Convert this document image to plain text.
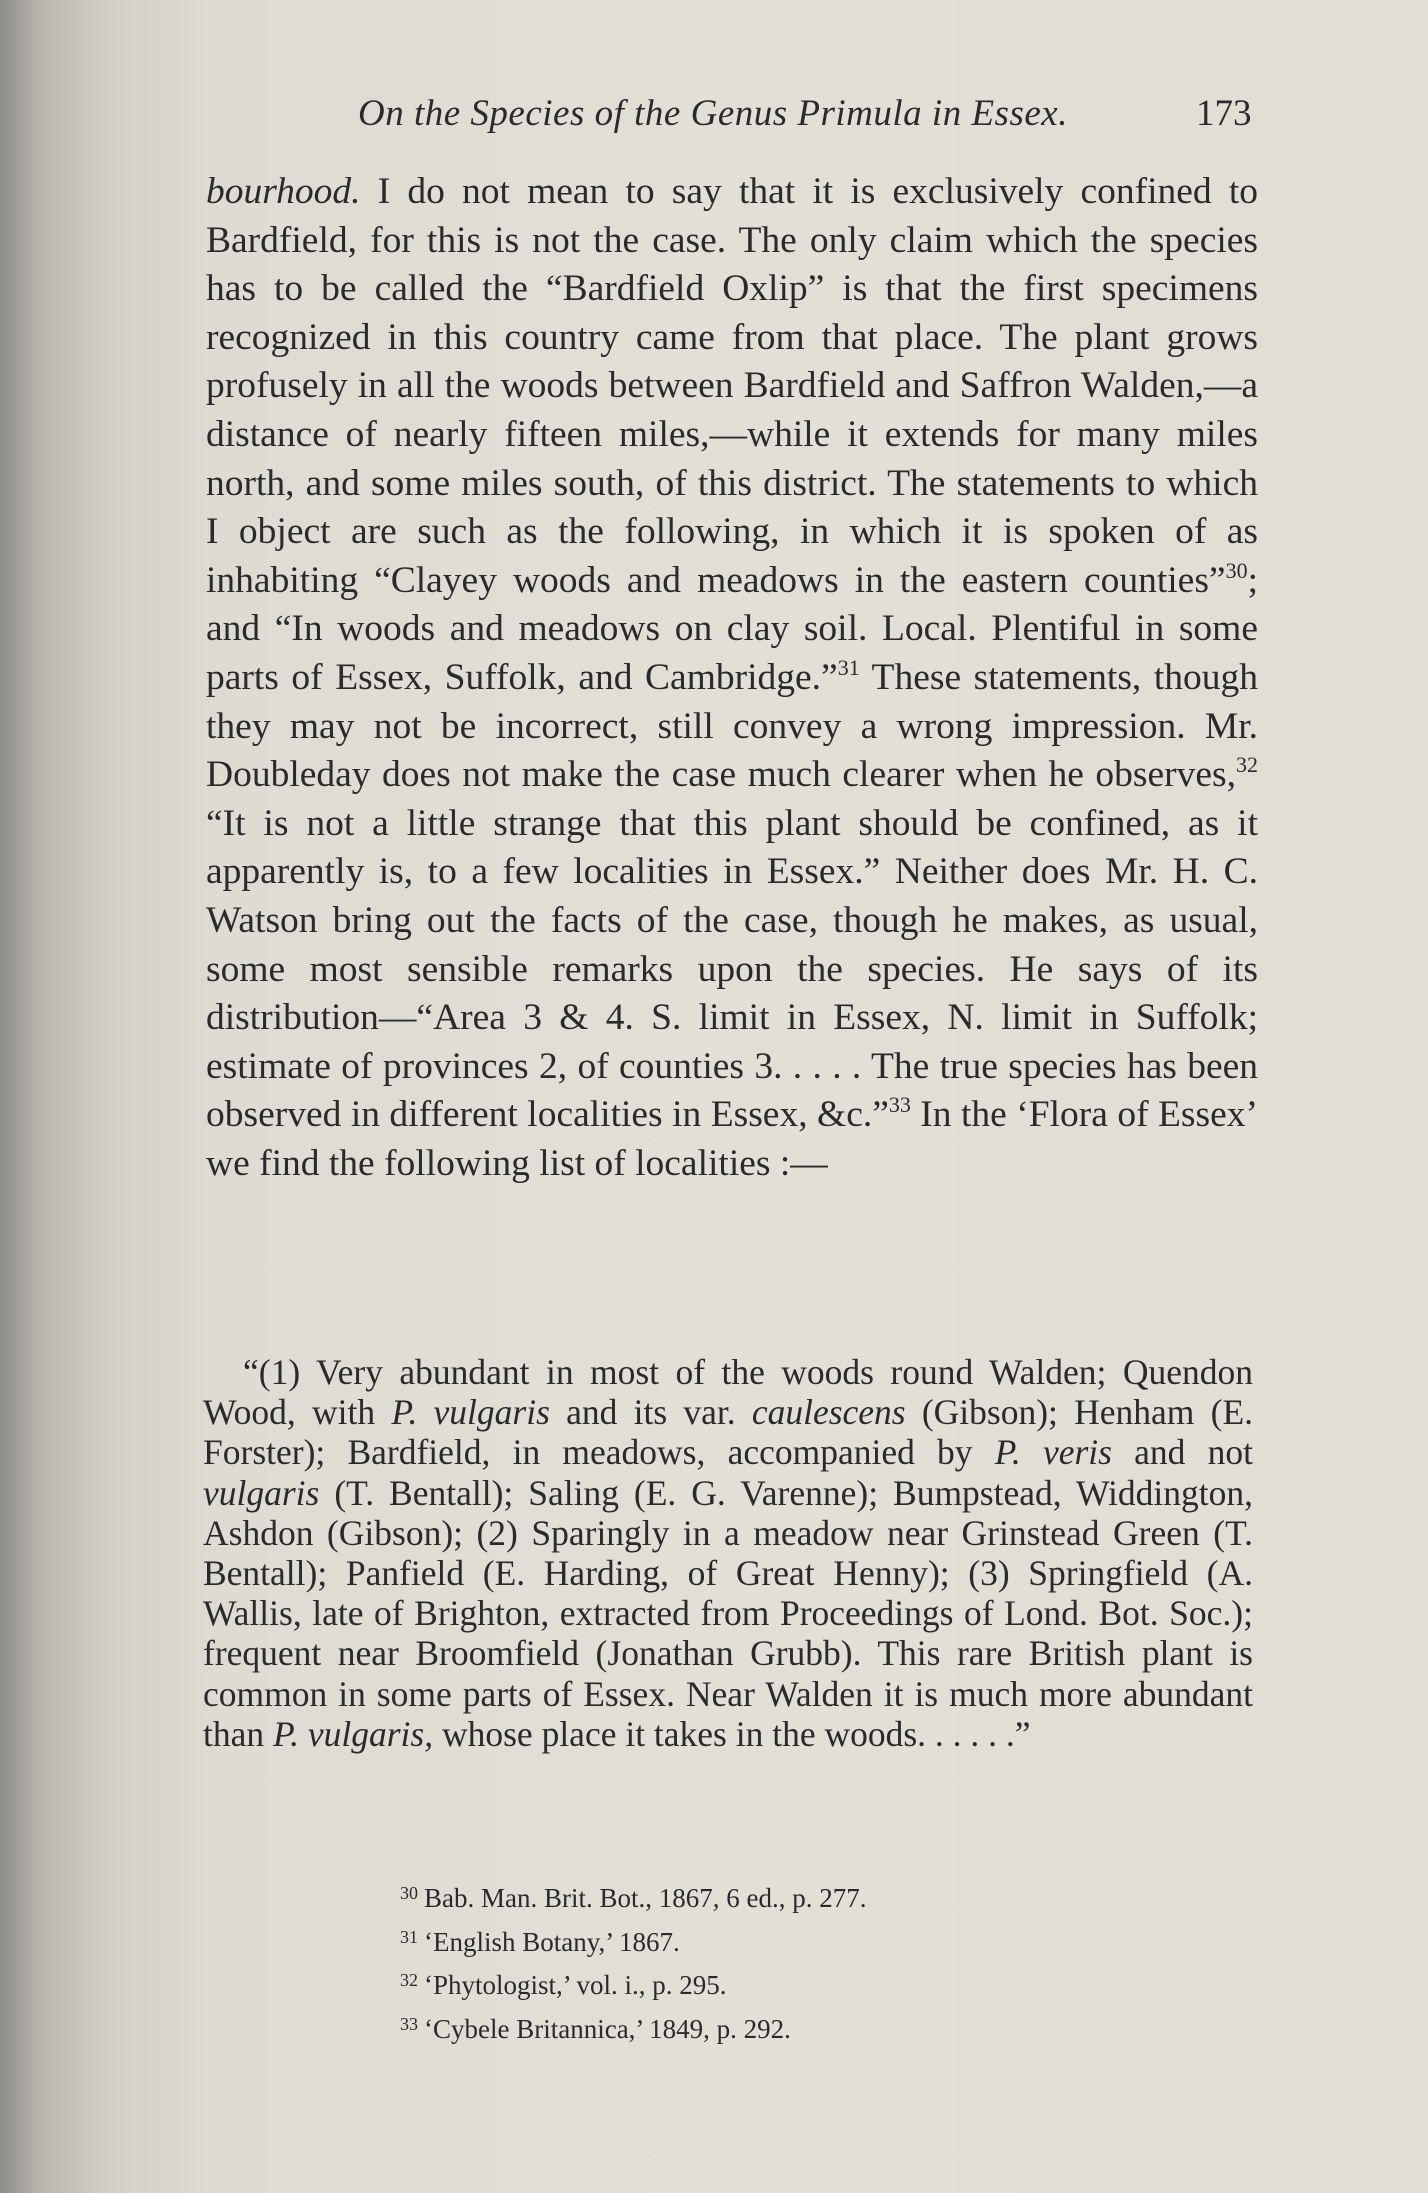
On the Species of the Genus Primula in Essex.	173

bourhood. I do not mean to say that it is exclusively confined to Bardfield, for this is not the case. The only claim which the species has to be called the “Bardfield Oxlip” is that the first specimens recognized in this country came from that place. The plant grows profusely in all the woods between Bardfield and Saffron Walden,—a distance of nearly fifteen miles,—while it extends for many miles north, and some miles south, of this district. The statements to which I object are such as the following, in which it is spoken of as inhabiting “Clayey woods and meadows in the eastern counties”$^{30}$; and “In woods and meadows on clay soil. Local. Plentiful in some parts of Essex, Suffolk, and Cambridge.”$^{31}$ These statements, though they may not be incorrect, still convey a wrong impression. Mr. Doubleday does not make the case much clearer when he observes,$^{32}$ “It is not a little strange that this plant should be confined, as it apparently is, to a few localities in Essex.” Neither does Mr. H. C. Watson bring out the facts of the case, though he makes, as usual, some most sensible remarks upon the species. He says of its distribution—“Area 3 & 4. S. limit in Essex, N. limit in Suffolk; estimate of provinces 2, of counties 3. . . . . The true species has been observed in different localities in Essex, &c.”$^{33}$ In the ‘Flora of Essex’ we find the following list of localities :—

“(1) Very abundant in most of the woods round Walden; Quendon Wood, with P. vulgaris and its var. caulescens (Gibson); Henham (E. Forster); Bardfield, in meadows, accompanied by P. veris and not vulgaris (T. Bentall); Saling (E. G. Varenne); Bumpstead, Widdington, Ashdon (Gibson); (2) Sparingly in a meadow near Grinstead Green (T. Bentall); Panfield (E. Harding, of Great Henny); (3) Springfield (A. Wallis, late of Brighton, extracted from Proceedings of Lond. Bot. Soc.); frequent near Broomfield (Jonathan Grubb). This rare British plant is common in some parts of Essex. Near Walden it is much more abundant than P. vulgaris, whose place it takes in the woods. . . . . .”

$^{30}$ Bab. Man. Brit. Bot., 1867, 6 ed., p. 277.
$^{31}$ ‘English Botany,’ 1867.
$^{32}$ ‘Phytologist,’ vol. i., p. 295.
$^{33}$ ‘Cybele Britannica,’ 1849, p. 292.
